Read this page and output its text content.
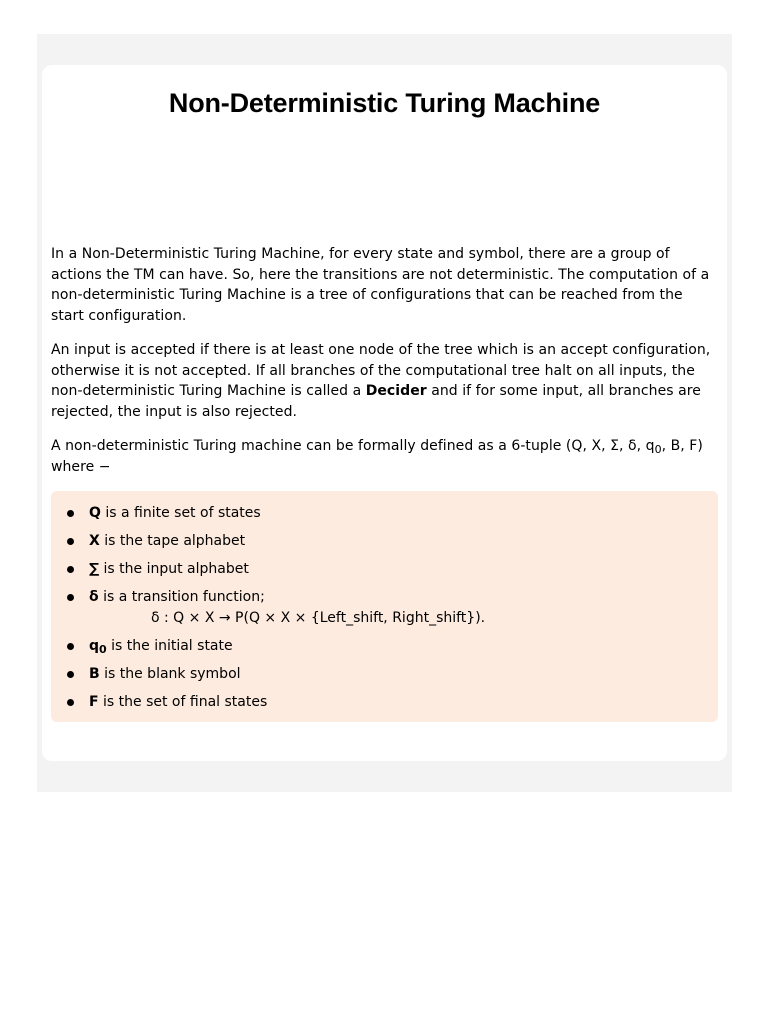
Non-Deterministic Turing Machine

In a Non-Deterministic Turing Machine, for every state and symbol, there are a group of actions the TM can have. So, here the transitions are not deterministic. The computation of a non-deterministic Turing Machine is a tree of configurations that can be reached from the start configuration.

An input is accepted if there is at least one node of the tree which is an accept configuration, otherwise it is not accepted. If all branches of the computational tree halt on all inputs, the non-deterministic Turing Machine is called a Decider and if for some input, all branches are rejected, the input is also rejected.

A non-deterministic Turing machine can be formally defined as a 6-tuple (Q, X, Σ, δ, $q_0$, B, F) where −

Q is a finite set of states
X is the tape alphabet
∑ is the input alphabet
δ is a transition function;
δ : Q × X → P(Q × X × {Left_shift, Right_shift}).
$q_0$ is the initial state
B is the blank symbol
F is the set of final states
